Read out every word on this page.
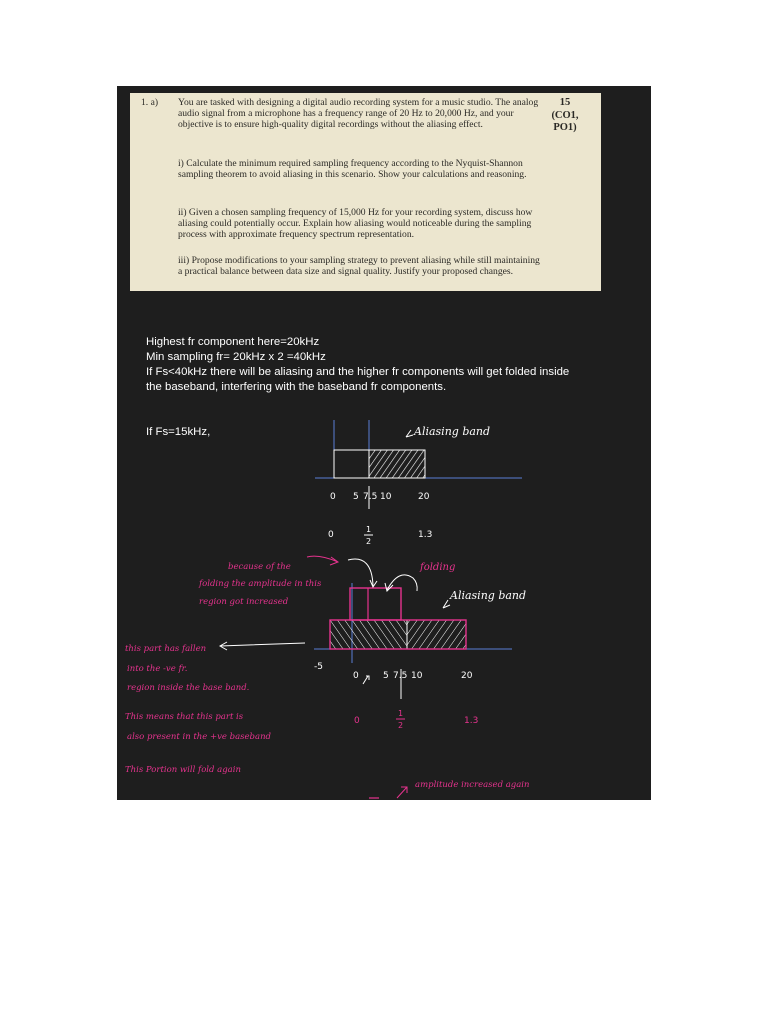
1. a) You are tasked with designing a digital audio recording system for a music studio. The analog audio signal from a microphone has a frequency range of 20 Hz to 20,000 Hz, and your objective is to ensure high-quality digital recordings without the aliasing effect.
i) Calculate the minimum required sampling frequency according to the Nyquist-Shannon sampling theorem to avoid aliasing in this scenario. Show your calculations and reasoning.
ii) Given a chosen sampling frequency of 15,000 Hz for your recording system, discuss how aliasing could potentially occur. Explain how aliasing would noticeable during the sampling process with approximate frequency spectrum representation.
iii) Propose modifications to your sampling strategy to prevent aliasing while still maintaining a practical balance between data size and signal quality. Justify your proposed changes.
15
(CO1,
PO1)
Highest fr component here=20kHz
Min sampling fr= 20kHz x 2 =40kHz
If Fs<40kHz there will be aliasing and the higher fr components will get folded inside
the baseband, interfering with the baseband fr components.
If Fs=15kHz,	Aliasing band
0 5 7.5 10	20
0
1
2
1.3
folding
Aliasing band
-5
0	5 7.5 10	20
0
1
2	1.3
because of the
folding the amplitude in this
region got increased
this part has fallen
into the -ve fr.
region inside the base band.
This means that this part is
also present in the +ve baseband
This Portion will fold again
amplitude increased again
